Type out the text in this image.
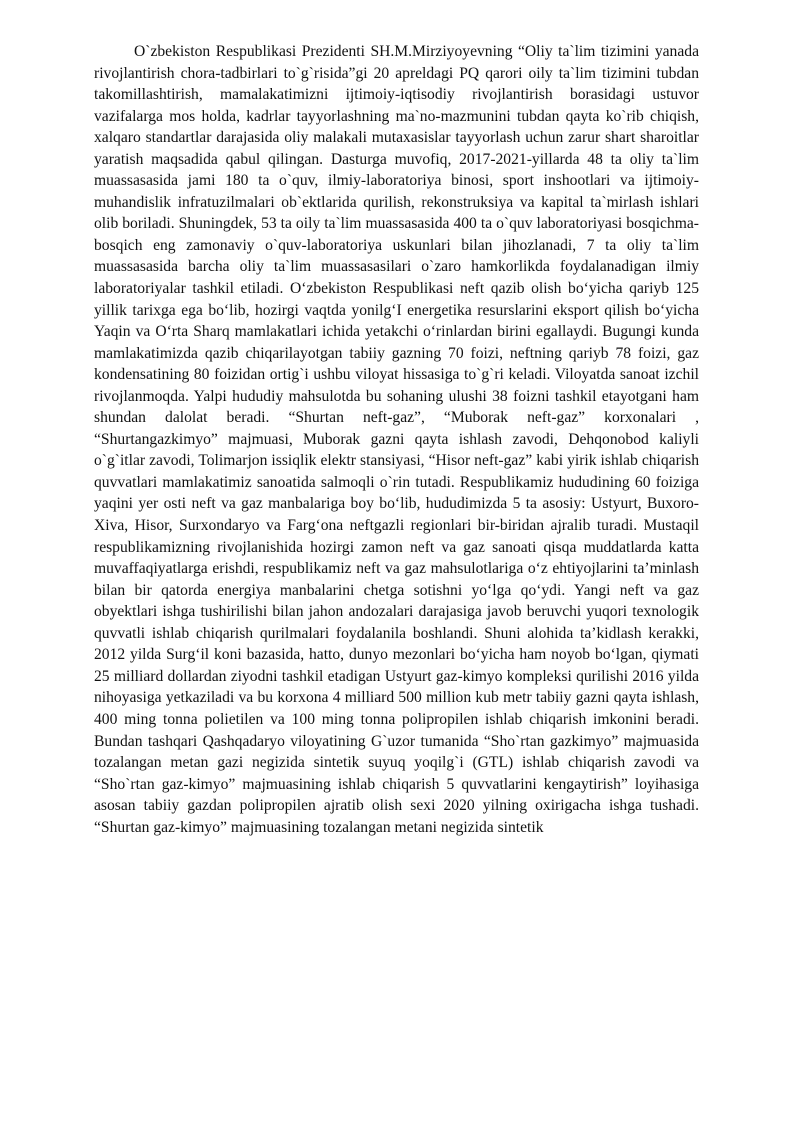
O`zbekiston Respublikasi Prezidenti SH.M.Mirziyoyevning “Oliy ta`lim tizimini yanada rivojlantirish chora-tadbirlari to`g`risida”gi 20 apreldagi PQ qarori oily ta`lim tizimini tubdan takomillashtirish, mamalakatimizni ijtimoiy-iqtisodiy rivojlantirish borasidagi ustuvor vazifalarga mos holda, kadrlar tayyorlashning ma`no-mazmunini tubdan qayta ko`rib chiqish, xalqaro standartlar darajasida oliy malakali mutaxasislar tayyorlash uchun zarur shart sharoitlar yaratish maqsadida qabul qilingan. Dasturga muvofiq, 2017-2021-yillarda 48 ta oliy ta`lim muassasasida jami 180 ta o`quv, ilmiy-laboratoriya binosi, sport inshootlari va ijtimoiy-muhandislik infratuzilmalari ob`ektlarida qurilish, rekonstruksiya va kapital ta`mirlash ishlari olib boriladi. Shuningdek, 53 ta oily ta`lim muassasasida 400 ta o`quv laboratoriyasi bosqichma-bosqich eng zamonaviy o`quv-laboratoriya uskunlari bilan jihozlanadi, 7 ta oliy ta`lim muassasasida barcha oliy ta`lim muassasasilari o`zaro hamkorlikda foydalanadigan ilmiy laboratoriyalar tashkil etiladi. O‘zbekiston Respublikasi neft qazib olish bo‘yicha qariyb 125 yillik tarixga ega bo‘lib, hozirgi vaqtda yonilg‘I energetika resurslarini eksport qilish bo‘yicha Yaqin va O‘rta Sharq mamlakatlari ichida yetakchi o‘rinlardan birini egallaydi. Bugungi kunda mamlakatimizda qazib chiqarilayotgan tabiiy gazning 70 foizi, neftning qariyb 78 foizi, gaz kondensatining 80 foizidan ortig`i ushbu viloyat hissasiga to`g`ri keladi. Viloyatda sanoat izchil rivojlanmoqda. Yalpi hududiy mahsulotda bu sohaning ulushi 38 foizni tashkil etayotgani ham shundan dalolat beradi. “Shurtan neft-gaz”, “Muborak neft-gaz” korxonalari , “Shurtangazkimyo” majmuasi, Muborak gazni qayta ishlash zavodi, Dehqonobod kaliyli o`g`itlar zavodi, Tolimarjon issiqlik elektr stansiyasi, “Hisor neft-gaz” kabi yirik ishlab chiqarish quvvatlari mamlakatimiz sanoatida salmoqli o`rin tutadi. Respublikamiz hududining 60 foiziga yaqini yer osti neft va gaz manbalariga boy bo‘lib, hududimizda 5 ta asosiy: Ustyurt, Buxoro-Xiva, Hisor, Surxondaryo va Farg‘ona neftgazli regionlari bir-biridan ajralib turadi. Mustaqil respublikamizning rivojlanishida hozirgi zamon neft va gaz sanoati qisqa muddatlarda katta muvaffaqiyatlarga erishdi, respublikamiz neft va gaz mahsulotlariga o‘z ehtiyojlarini ta’minlash bilan bir qatorda energiya manbalarini chetga sotishni yo‘lga qo‘ydi. Yangi neft va gaz obyektlari ishga tushirilishi bilan jahon andozalari darajasiga javob beruvchi yuqori texnologik quvvatli ishlab chiqarish qurilmalari foydalanila boshlandi. Shuni alohida ta’kidlash kerakki, 2012 yilda Surg‘il koni bazasida, hatto, dunyo mezonlari bo‘yicha ham noyob bo‘lgan, qiymati 25 milliard dollardan ziyodni tashkil etadigan Ustyurt gaz-kimyo kompleksi qurilishi 2016 yilda nihoyasiga yetkaziladi va bu korxona 4 milliard 500 million kub metr tabiiy gazni qayta ishlash, 400 ming tonna polietilen va 100 ming tonna polipropilen ishlab chiqarish imkonini beradi. Bundan tashqari Qashqadaryo viloyatining G`uzor tumanida “Sho`rtan gazkimyo” majmuasida tozalangan metan gazi negizida sintetik suyuq yoqilg`i (GTL) ishlab chiqarish zavodi va “Sho`rtan gaz-kimyo” majmuasining ishlab chiqarish 5 quvvatlarini kengaytirish” loyihasiga asosan tabiiy gazdan polipropilen ajratib olish sexi 2020 yilning oxirigacha ishga tushadi. “Shurtan gaz-kimyo” majmuasining tozalangan metani negizida sintetik
